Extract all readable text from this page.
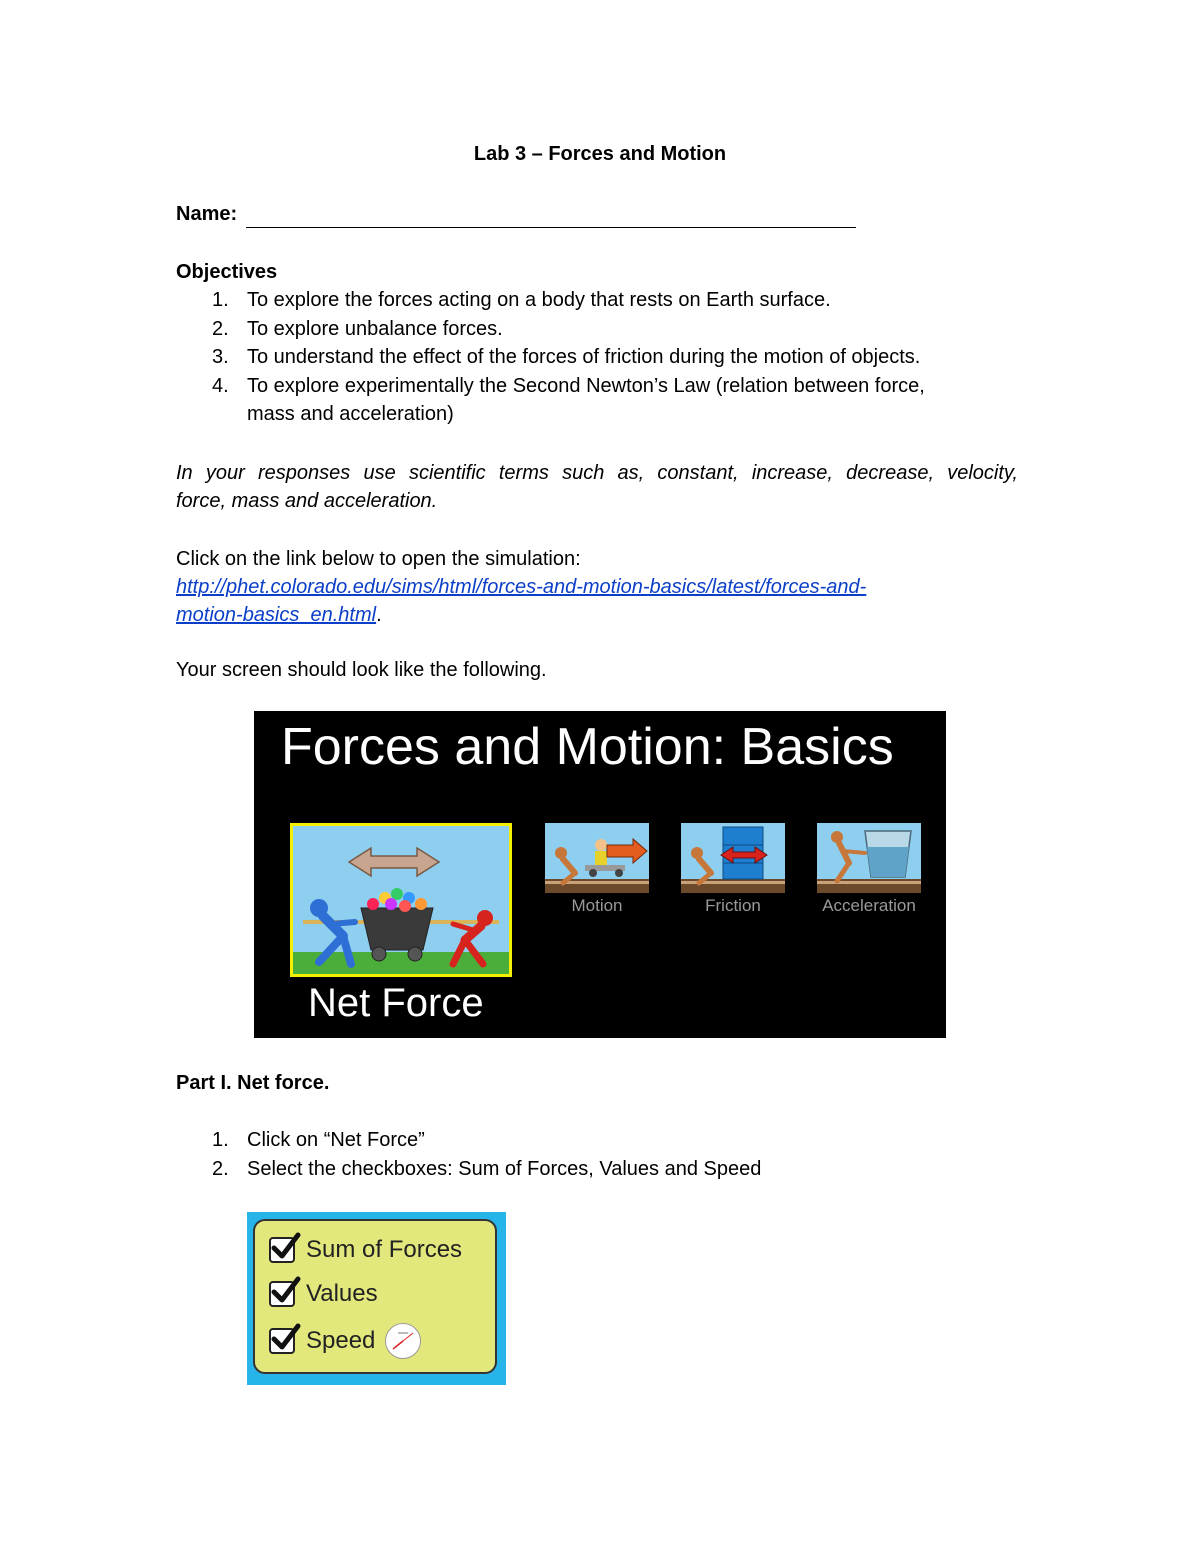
Lab 3 – Forces and Motion
Name:
Objectives
1. To explore the forces acting on a body that rests on Earth surface.
2. To explore unbalance forces.
3. To understand the effect of the forces of friction during the motion of objects.
4. To explore experimentally the Second Newton’s Law (relation between force, mass and acceleration)
In your responses use scientific terms such as, constant, increase, decrease, velocity,
force, mass and acceleration.
Click on the link below to open the simulation:
http://phet.colorado.edu/sims/html/forces-and-motion-basics/latest/forces-and-
motion-basics_en.html.
Your screen should look like the following.
Forces and Motion: Basics
Net Force
Motion	Friction	Acceleration
Part I. Net force.
1. Click on “Net Force”
2. Select the checkboxes: Sum of Forces, Values and Speed
Sum of Forces
Values
Speed
